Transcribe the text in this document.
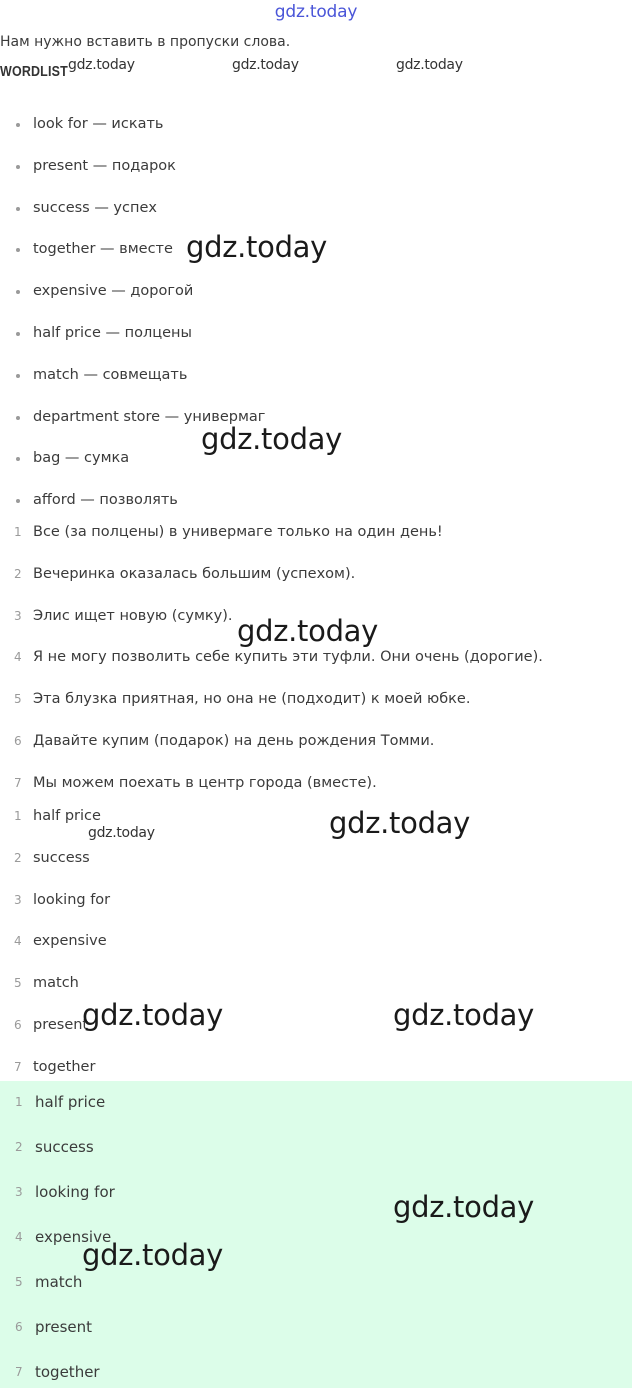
gdz.today
Нам нужно вставить в пропуски слова.
WORDLIST
look for — искать
present — подарок
success — успех
together — вместе
expensive — дорогой
half price — полцены
match — совмещать
department store — универмаг
bag — сумка
afford — позволять
1 Все (за полцены) в универмаге только на один день!
2 Вечеринка оказалась большим (успехом).
3 Элис ищет новую (сумку).
4 Я не могу позволить себе купить эти туфли. Они очень (дорогие).
5 Эта блузка приятная, но она не (подходит) к моей юбке.
6 Давайте купим (подарок) на день рождения Томми.
7 Мы можем поехать в центр города (вместе).
1 half price
2 success
3 looking for
4 expensive
5 match
6 present
7 together
1 half price
2 success
3 looking for
4 expensive
5 match
6 present
7 together
gdz.today	gdz.today	gdz.today
gdz.today
gdz.today
gdz.today
gdz.today
gdz.today
gdz.today	gdz.today
gdz.today
gdz.today
